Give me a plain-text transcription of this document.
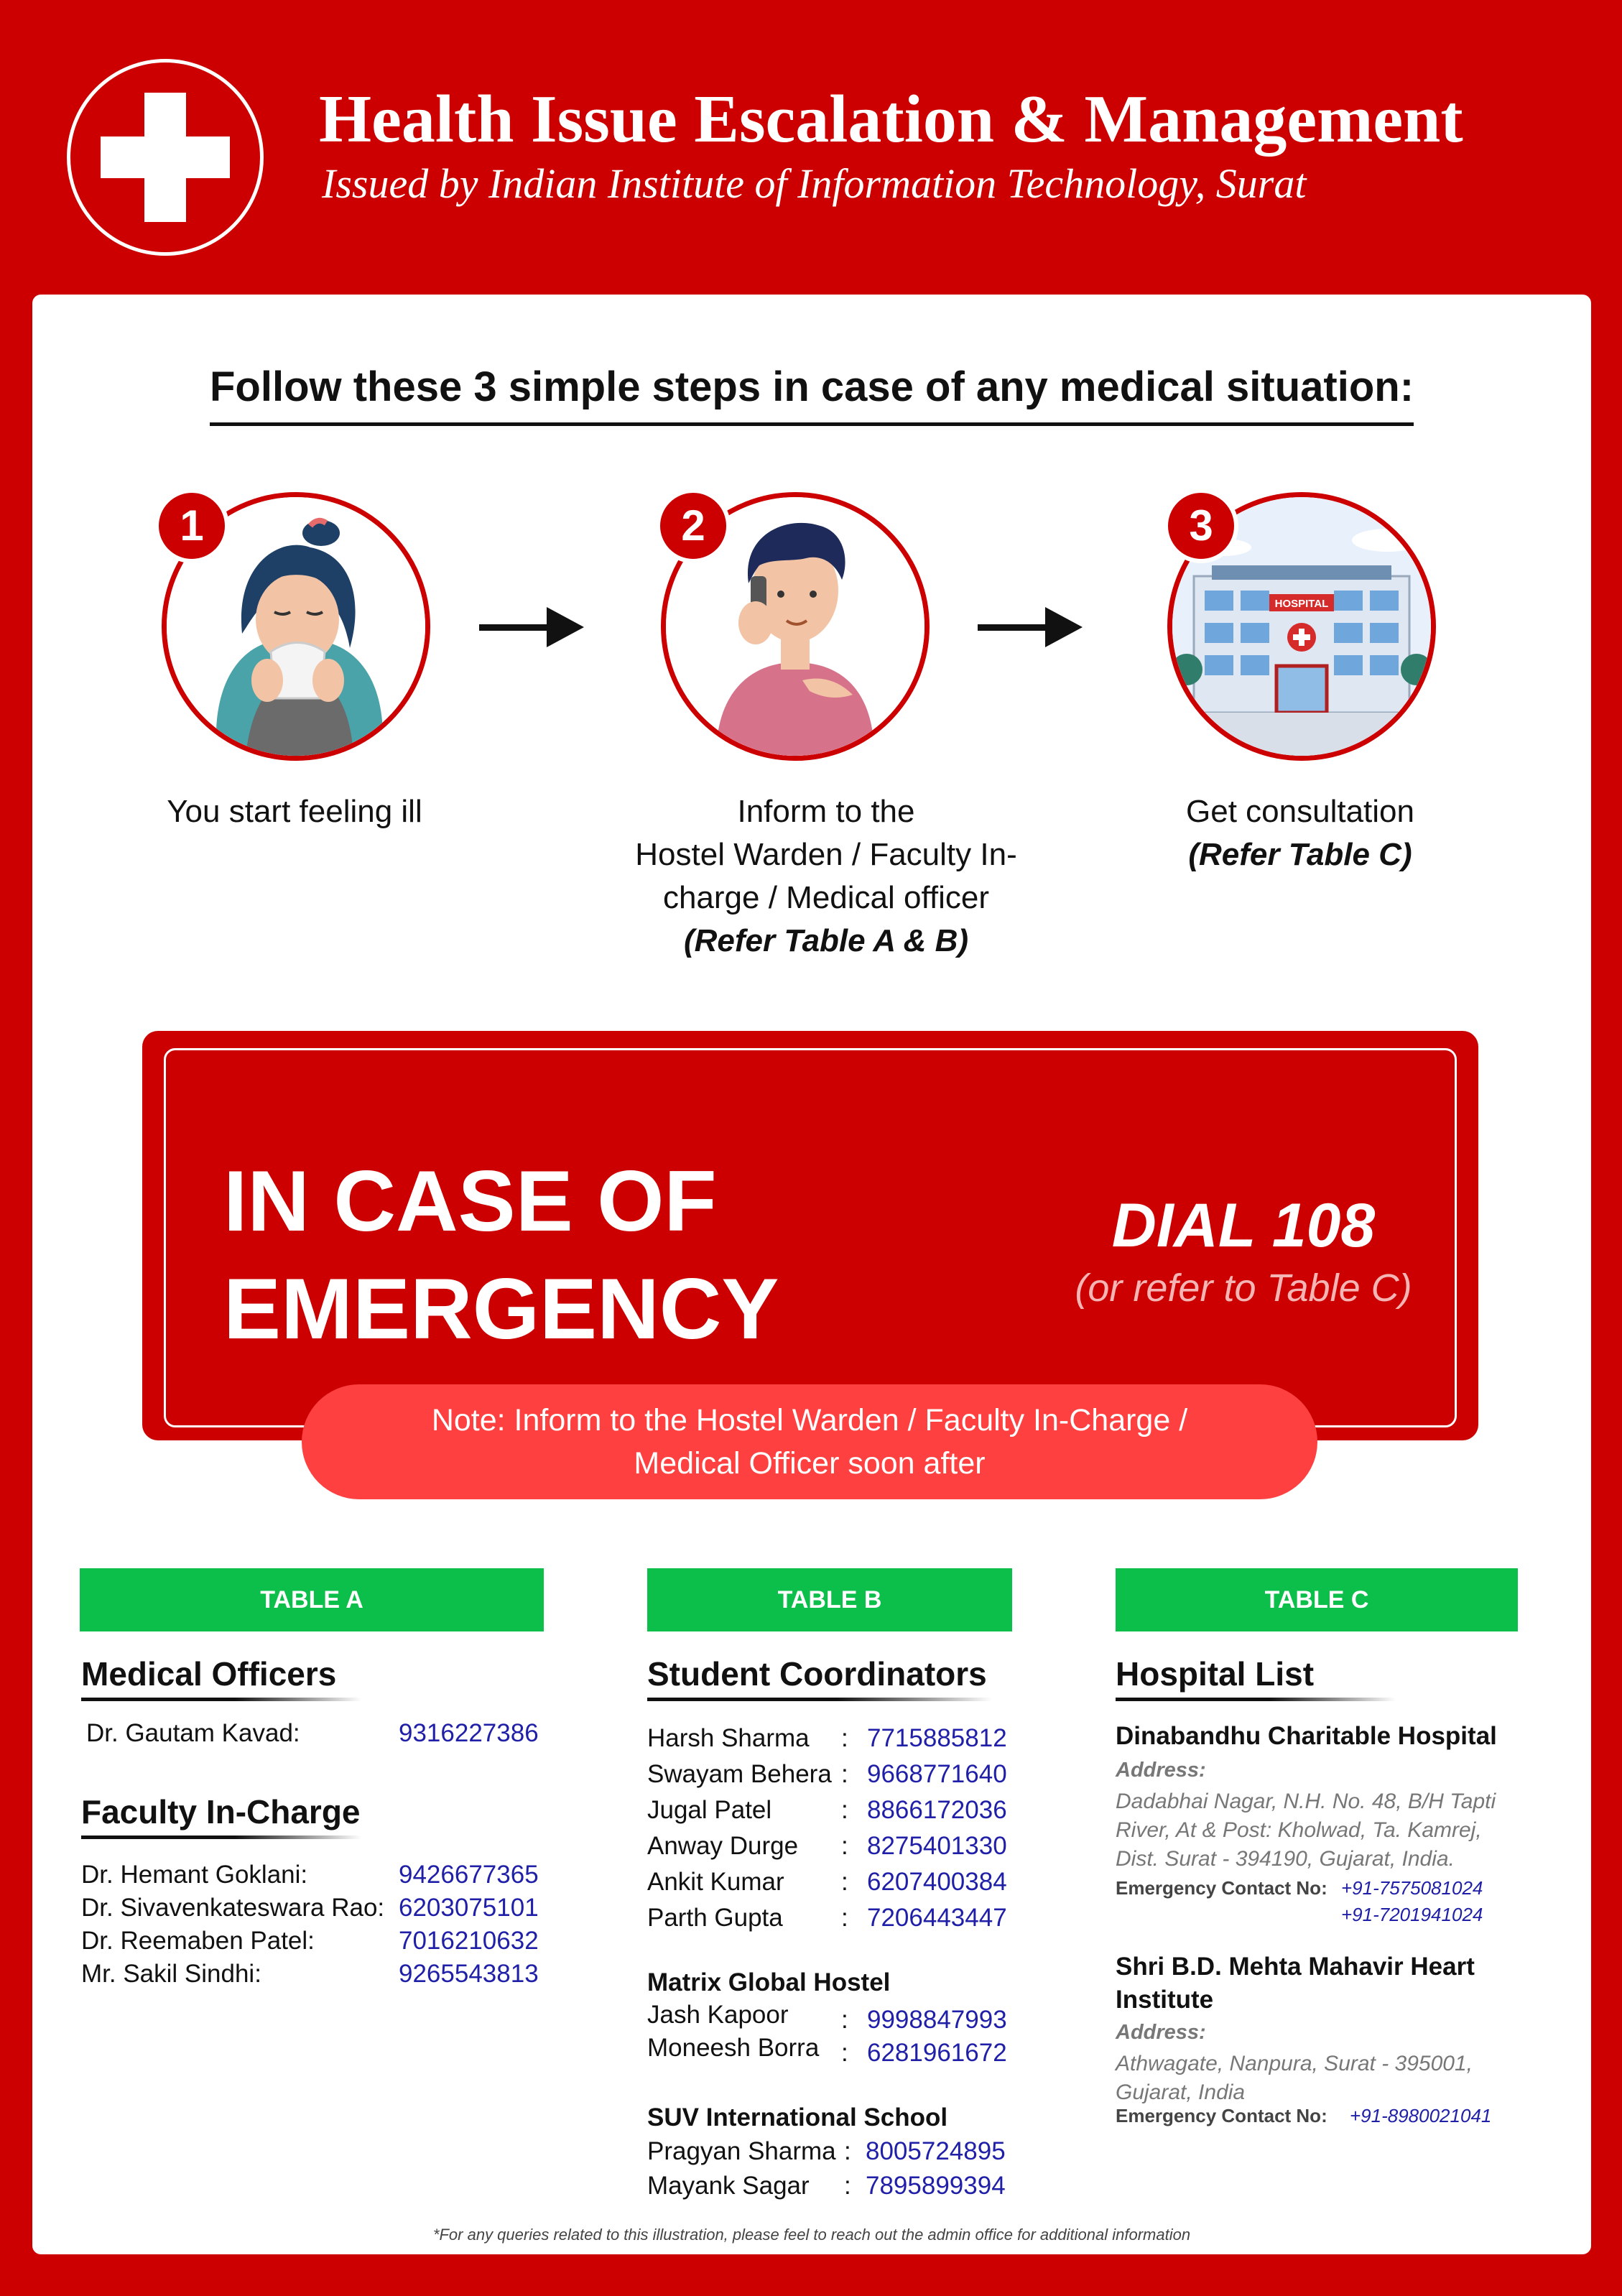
Health Issue Escalation & Management
Issued by Indian Institute of Information Technology, Surat
Follow these 3 simple steps in case of any medical situation:
1	2
HOSPITAL
3
You start feeling ill	Inform to the
Hostel Warden / Faculty In-
charge / Medical officer
(Refer Table A & B)
Get consultation
(Refer Table C)
IN CASE OF
EMERGENCY
DIAL 108
(or refer to Table C)
Note: Inform to the Hostel Warden / Faculty In-Charge /
Medical Officer soon after
TABLE A
Medical Officers
Dr. Gautam Kavad:	9316227386
Faculty In-Charge
Dr. Hemant Goklani:	9426677365
Dr. Sivavenkateswara Rao: 6203075101
Dr. Reemaben Patel:	7016210632
Mr. Sakil Sindhi:	9265543813
TABLE B
Student Coordinators
Harsh Sharma : 7715885812
Swayam Behera : 9668771640
Jugal Patel	: 8866172036
Anway Durge : 8275401330
Ankit Kumar : 6207400384
Parth Gupta : 7206443447
Matrix Global Hostel
Jash Kapoor : 9998847993
Moneesh Borra : 6281961672
SUV International School
Pragyan Sharma : 8005724895
Mayank Sagar : 7895899394
TABLE C
Hospital List
Dinabandhu Charitable Hospital
Address:
Dadabhai Nagar, N.H. No. 48, B/H Tapti
River, At & Post: Kholwad, Ta. Kamrej,
Dist. Surat - 394190, Gujarat, India.
Emergency Contact No: +91-7575081024
+91-7201941024
Shri B.D. Mehta Mahavir Heart
Institute
Address:
Athwagate, Nanpura, Surat - 395001,
Gujarat, India
Emergency Contact No: +91-8980021041
*For any queries related to this illustration, please feel to reach out the admin office for additional information
